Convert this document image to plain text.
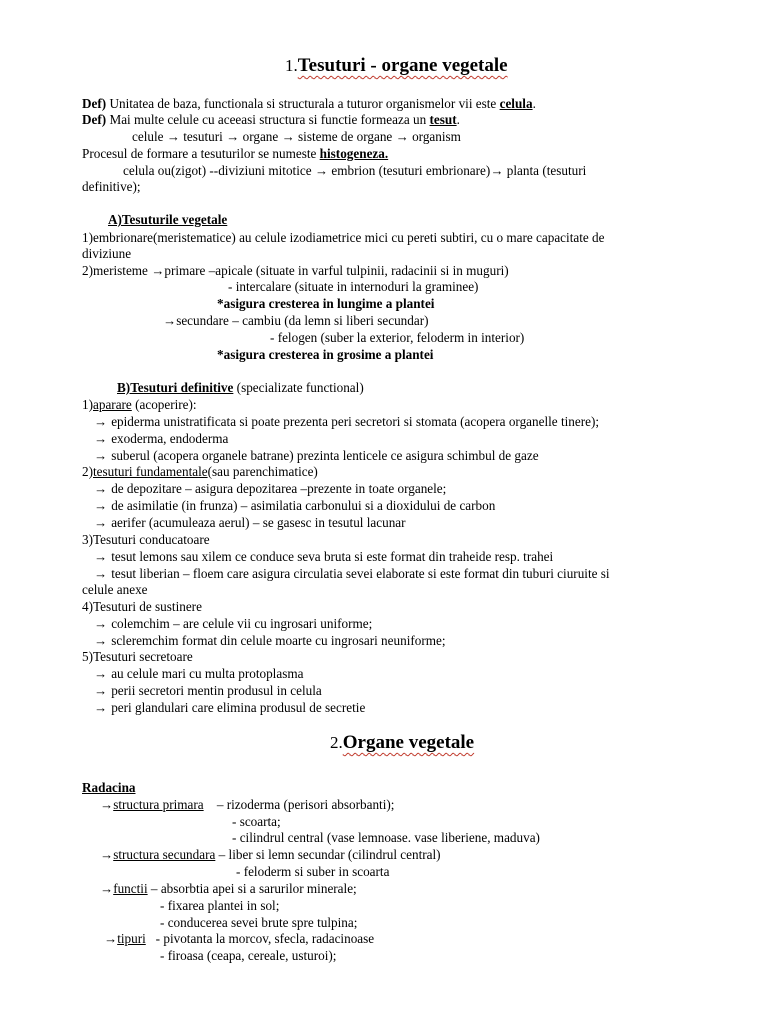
1.Tesuturi - organe vegetale
Def) Unitatea de baza, functionala si structurala a tuturor organismelor vii este celula.
Def) Mai multe celule cu aceeasi structura si functie formeaza un tesut.
celule → tesuturi → organe → sisteme de organe → organism
Procesul de formare a tesuturilor se numeste histogeneza.
celula ou(zigot) --diviziuni mitotice → embrion (tesuturi embrionare)→ planta (tesuturi
definitive);
A)Tesuturile vegetale
1)embrionare(meristematice) au celule izodiametrice mici cu pereti subtiri, cu o mare capacitate de
diviziune
2)meristeme →primare –apicale (situate in varful tulpinii, radacinii si in muguri)
- intercalare (situate in internoduri la graminee)
*asigura cresterea in lungime a plantei
→secundare – cambiu (da lemn si liberi secundar)
- felogen (suber la exterior, feloderm in interior)
*asigura cresterea in grosime a plantei
B)Tesuturi definitive (specializate functional)
1)aparare (acoperire):
→ epiderma unistratificata si poate prezenta peri secretori si stomata (acopera organelle tinere);
→ exoderma, endoderma
→ suberul (acopera organele batrane) prezinta lenticele ce asigura schimbul de gaze
2)tesuturi fundamentale(sau parenchimatice)
→ de depozitare – asigura depozitarea –prezente in toate organele;
→ de asimilatie (in frunza) – asimilatia carbonului si a dioxidului de carbon
→ aerifer (acumuleaza aerul) – se gasesc in tesutul lacunar
3)Tesuturi conducatoare
→ tesut lemons sau xilem ce conduce seva bruta si este format din traheide resp. trahei
→ tesut liberian – floem care asigura circulatia sevei elaborate si este format din tuburi ciuruite si
celule anexe
4)Tesuturi de sustinere
→ colemchim – are celule vii cu ingrosari uniforme;
→ scleremchim format din celule moarte cu ingrosari neuniforme;
5)Tesuturi secretoare
→ au celule mari cu multa protoplasma
→ perii secretori mentin produsul in celula
→ peri glandulari care elimina produsul de secretie
2.Organe vegetale
Radacina
→structura primara    – rizoderma (perisori absorbanti);
- scoarta;
- cilindrul central (vase lemnoase. vase liberiene, maduva)
→structura secundara – liber si lemn secundar (cilindrul central)
- feloderm si suber in scoarta
→functii – absorbtia apei si a sarurilor minerale;
- fixarea plantei in sol;
- conducerea sevei brute spre tulpina;
→tipuri   - pivotanta la morcov, sfecla, radacinoase
- firoasa (ceapa, cereale, usturoi);
